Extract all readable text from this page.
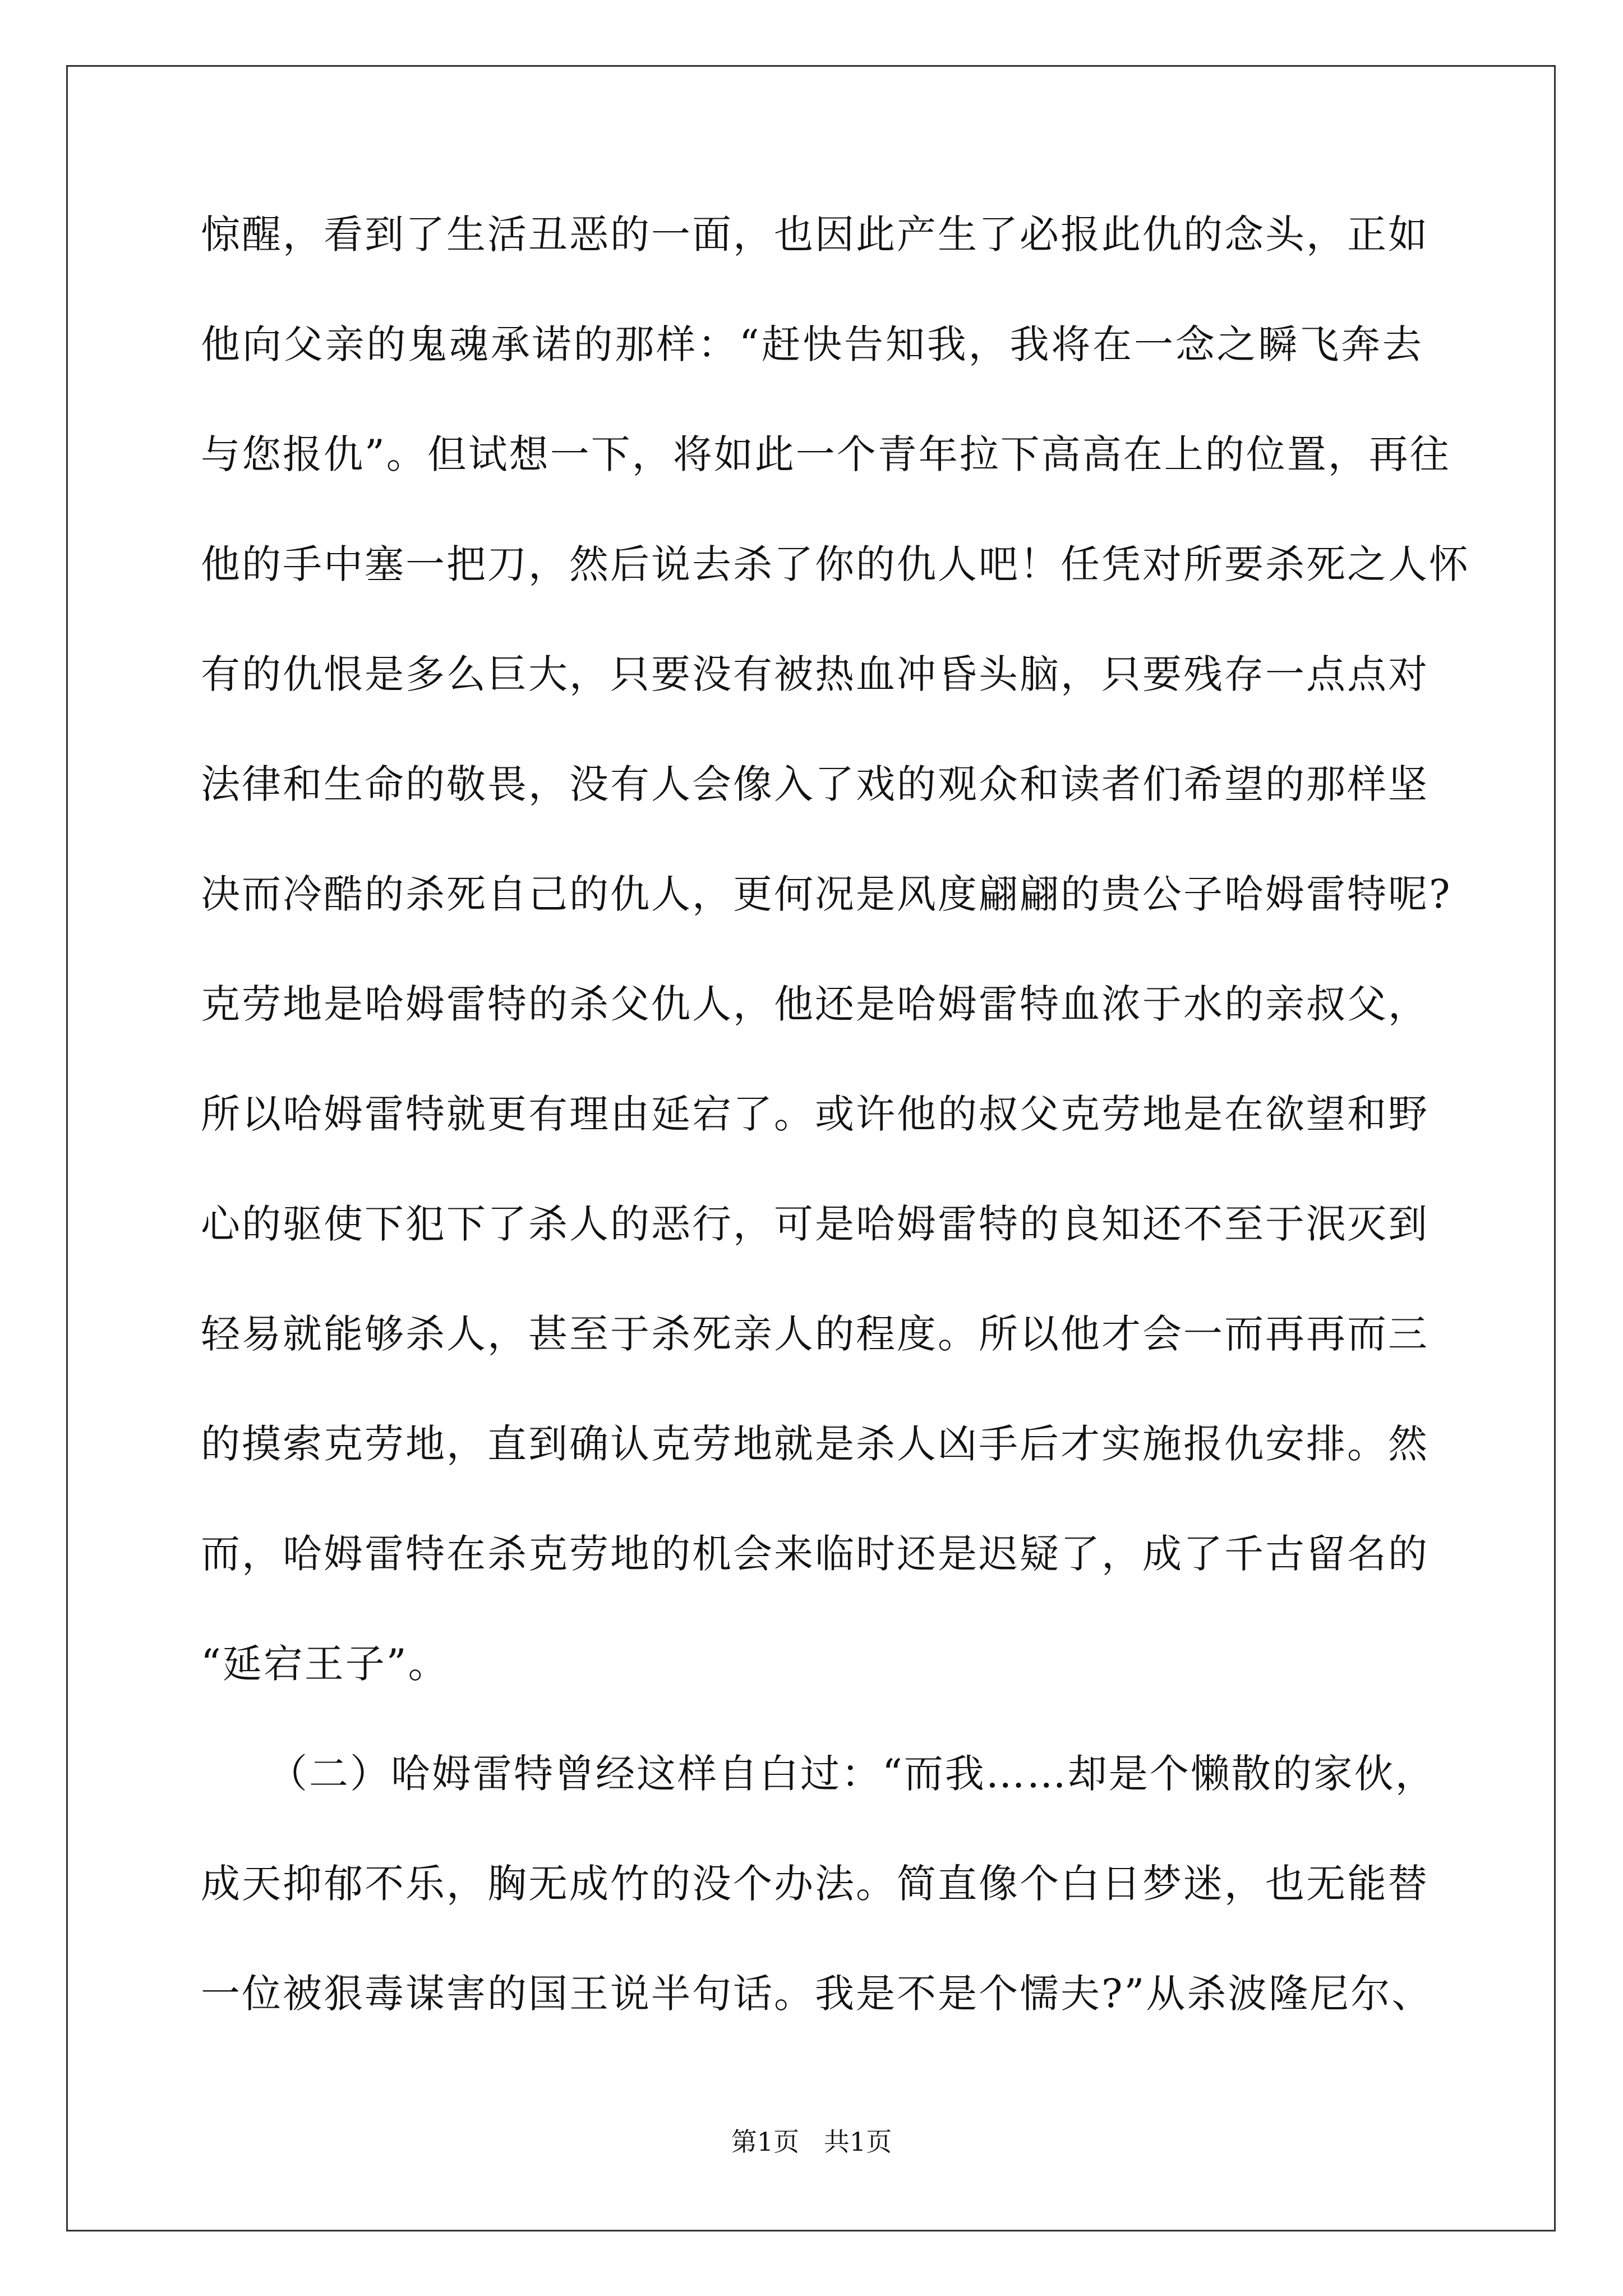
惊醒，看到了生活丑恶的一面，也因此产生了必报此仇的念头，正如
他向父亲的鬼魂承诺的那样：“赶快告知我，我将在一念之瞬飞奔去
与您报仇”。但试想一下，将如此一个青年拉下高高在上的位置，再往
他的手中塞一把刀，然后说去杀了你的仇人吧！任凭对所要杀死之人怀
有的仇恨是多么巨大，只要没有被热血冲昏头脑，只要残存一点点对
法律和生命的敬畏，没有人会像入了戏的观众和读者们希望的那样坚
决而冷酷的杀死自己的仇人，更何况是风度翩翩的贵公子哈姆雷特呢?
克劳地是哈姆雷特的杀父仇人，他还是哈姆雷特血浓于水的亲叔父，
所以哈姆雷特就更有理由延宕了。或许他的叔父克劳地是在欲望和野
心的驱使下犯下了杀人的恶行，可是哈姆雷特的良知还不至于泯灭到
轻易就能够杀人，甚至于杀死亲人的程度。所以他才会一而再再而三
的摸索克劳地，直到确认克劳地就是杀人凶手后才实施报仇安排。然
而，哈姆雷特在杀克劳地的机会来临时还是迟疑了，成了千古留名的
“延宕王子”。
（二）哈姆雷特曾经这样自白过：“而我……却是个懒散的家伙，
成天抑郁不乐，胸无成竹的没个办法。简直像个白日梦迷，也无能替
一位被狠毒谋害的国王说半句话。我是不是个懦夫?”从杀波隆尼尔、
第1页   共1页
